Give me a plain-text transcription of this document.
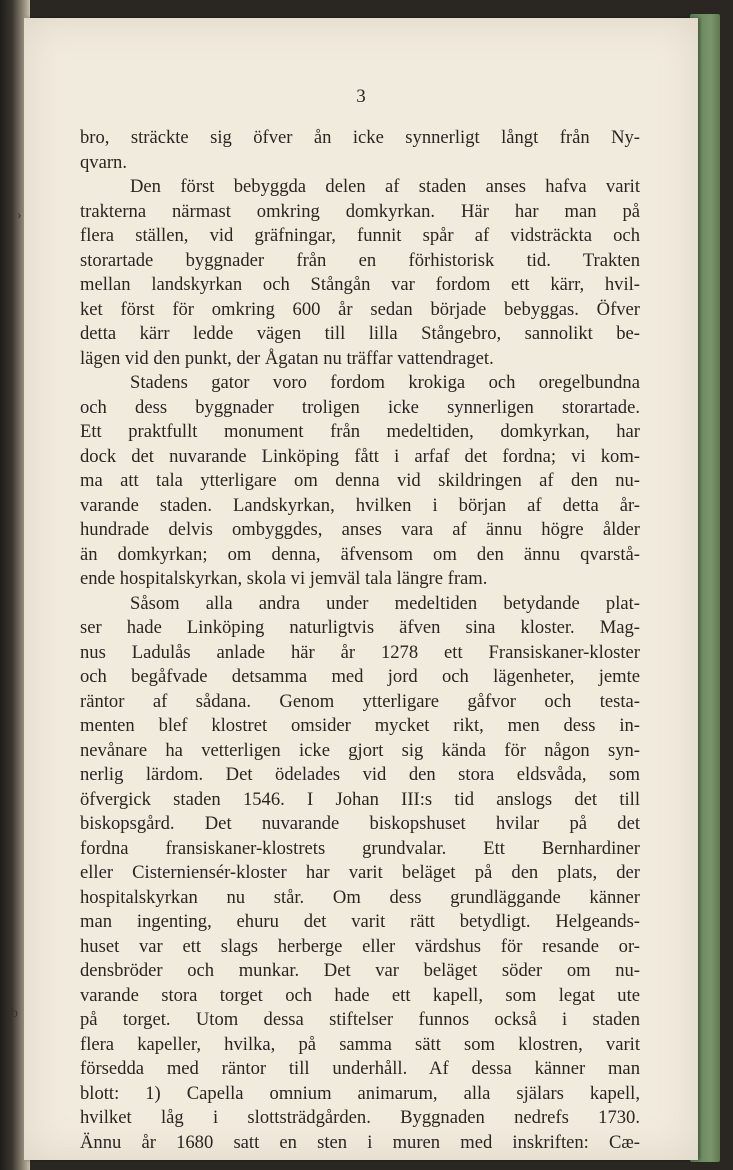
3
bro, sträckte sig öfver ån icke synnerligt långt från Ny-
qvarn.
Den först bebyggda delen af staden anses hafva varit
trakterna närmast omkring domkyrkan. Här har man på
flera ställen, vid gräfningar, funnit spår af vidsträckta och
storartade byggnader från en förhistorisk tid. Trakten
mellan landskyrkan och Stångån var fordom ett kärr, hvil-
ket först för omkring 600 år sedan började bebyggas. Öfver
detta kärr ledde vägen till lilla Stångebro, sannolikt be-
lägen vid den punkt, der Ågatan nu träffar vattendraget.
Stadens gator voro fordom krokiga och oregelbundna
och dess byggnader troligen icke synnerligen storartade.
Ett praktfullt monument från medeltiden, domkyrkan, har
dock det nuvarande Linköping fått i arfaf det fordna; vi kom-
ma att tala ytterligare om denna vid skildringen af den nu-
varande staden. Landskyrkan, hvilken i början af detta år-
hundrade delvis ombyggdes, anses vara af ännu högre ålder
än domkyrkan; om denna, äfvensom om den ännu qvarstå-
ende hospitalskyrkan, skola vi jemväl tala längre fram.
Såsom alla andra under medeltiden betydande plat-
ser hade Linköping naturligtvis äfven sina kloster. Mag-
nus Ladulås anlade här år 1278 ett Fransiskaner-kloster
och begåfvade detsamma med jord och lägenheter, jemte
räntor af sådana. Genom ytterligare gåfvor och testa-
menten blef klostret omsider mycket rikt, men dess in-
nevånare ha vetterligen icke gjort sig kända för någon syn-
nerlig lärdom. Det ödelades vid den stora eldsvåda, som
öfvergick staden 1546. I Johan III:s tid anslogs det till
biskopsgård. Det nuvarande biskopshuset hvilar på det
fordna fransiskaner-klostrets grundvalar. Ett Bernhardiner
eller Cisterniensér-kloster har varit beläget på den plats, der
hospitalskyrkan nu står. Om dess grundläggande känner
man ingenting, ehuru det varit rätt betydligt. Helgeands-
huset var ett slags herberge eller värdshus för resande or-
densbröder och munkar. Det var beläget söder om nu-
varande stora torget och hade ett kapell, som legat ute
på torget. Utom dessa stiftelser funnos också i staden
flera kapeller, hvilka, på samma sätt som klostren, varit
försedda med räntor till underhåll. Af dessa känner man
blott: 1) Capella omnium animarum, alla själars kapell,
hvilket låg i slottsträdgården. Byggnaden nedrefs 1730.
Ännu år 1680 satt en sten i muren med inskriften: Cæ-
›
b
